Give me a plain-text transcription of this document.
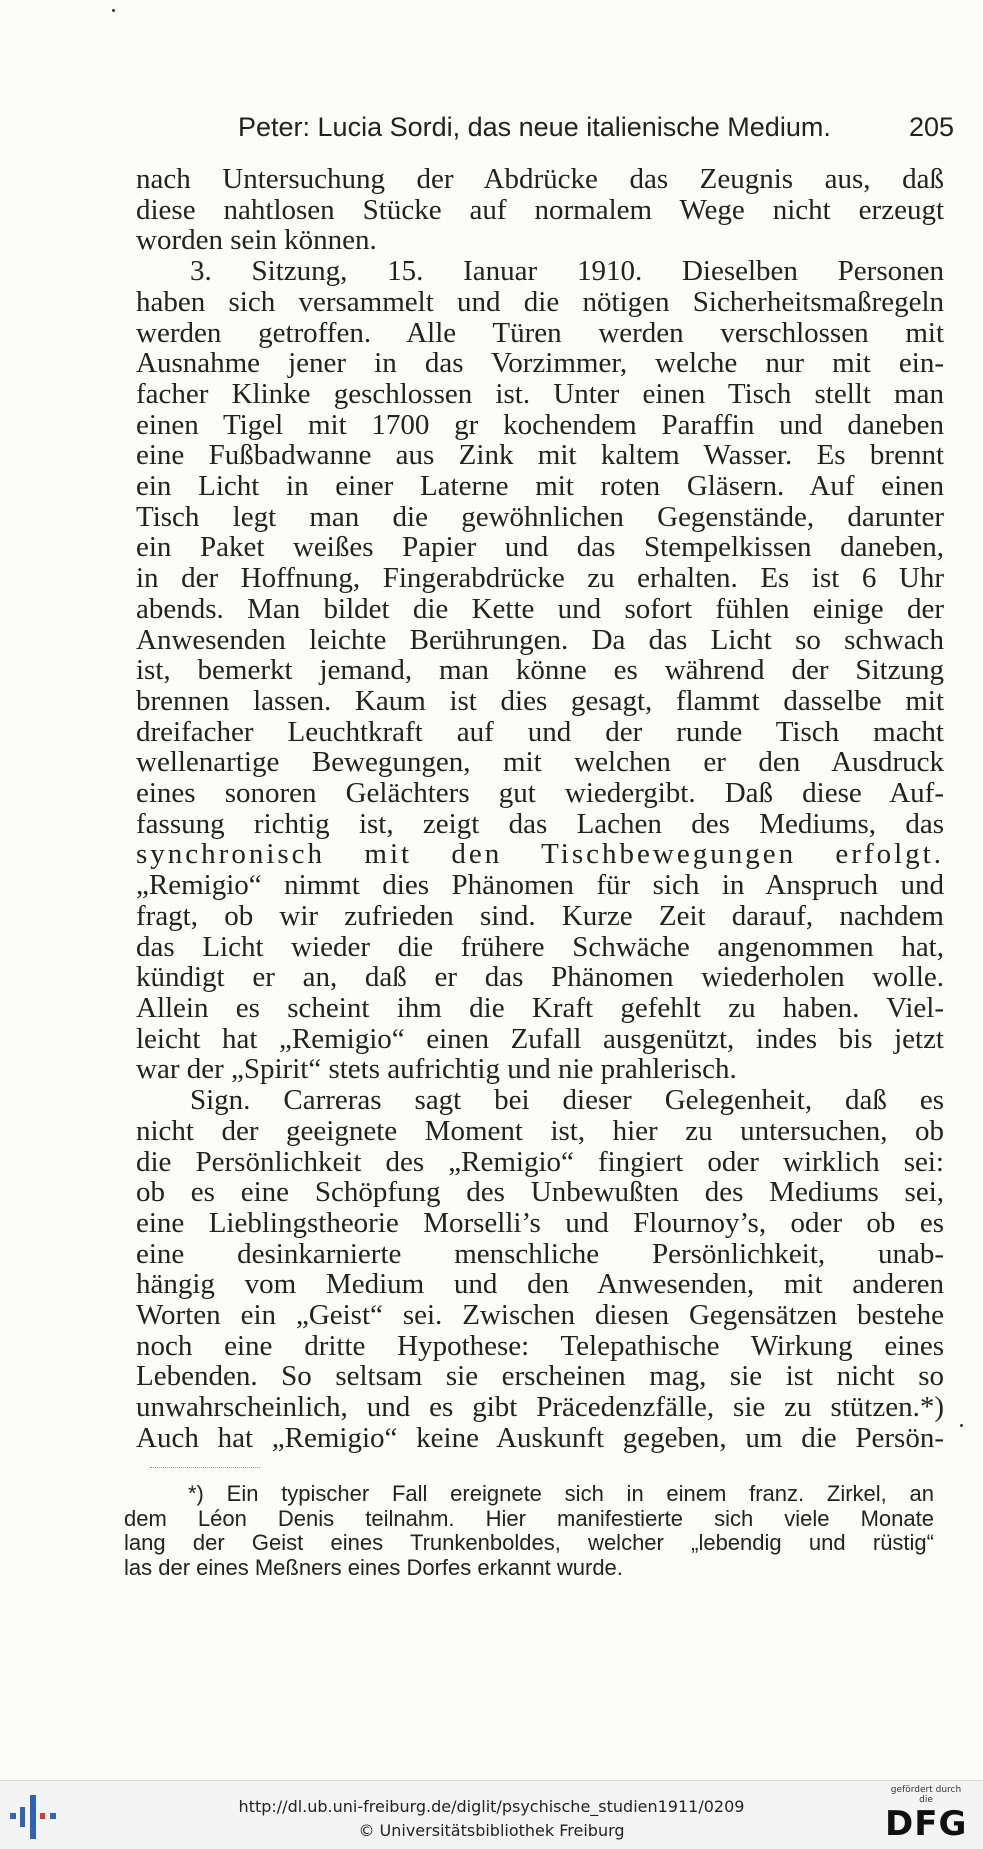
Peter: Lucia Sordi, das neue italienische Medium.	205
nach Untersuchung der Abdrücke das Zeugnis aus, daß
diese nahtlosen Stücke auf normalem Wege nicht erzeugt
worden sein können.
3. Sitzung, 15. Ianuar 1910. Dieselben Personen
haben sich versammelt und die nötigen Sicherheitsmaßregeln
werden getroffen. Alle Türen werden verschlossen mit
Ausnahme jener in das Vorzimmer, welche nur mit ein-
facher Klinke geschlossen ist. Unter einen Tisch stellt man
einen Tigel mit 1700 gr kochendem Paraffin und daneben
eine Fußbadwanne aus Zink mit kaltem Wasser. Es brennt
ein Licht in einer Laterne mit roten Gläsern. Auf einen
Tisch legt man die gewöhnlichen Gegenstände, darunter
ein Paket weißes Papier und das Stempelkissen daneben,
in der Hoffnung, Fingerabdrücke zu erhalten. Es ist 6 Uhr
abends. Man bildet die Kette und sofort fühlen einige der
Anwesenden leichte Berührungen. Da das Licht so schwach
ist, bemerkt jemand, man könne es während der Sitzung
brennen lassen. Kaum ist dies gesagt, flammt dasselbe mit
dreifacher Leuchtkraft auf und der runde Tisch macht
wellenartige Bewegungen, mit welchen er den Ausdruck
eines sonoren Gelächters gut wiedergibt. Daß diese Auf-
fassung richtig ist, zeigt das Lachen des Mediums, das
synchronisch mit den Tischbewegungen erfolgt.
„Remigio“ nimmt dies Phänomen für sich in Anspruch und
fragt, ob wir zufrieden sind. Kurze Zeit darauf, nachdem
das Licht wieder die frühere Schwäche angenommen hat,
kündigt er an, daß er das Phänomen wiederholen wolle.
Allein es scheint ihm die Kraft gefehlt zu haben. Viel-
leicht hat „Remigio“ einen Zufall ausgenützt, indes bis jetzt
war der „Spirit“ stets aufrichtig und nie prahlerisch.
Sign. Carreras sagt bei dieser Gelegenheit, daß es
nicht der geeignete Moment ist, hier zu untersuchen, ob
die Persönlichkeit des „Remigio“ fingiert oder wirklich sei:
ob es eine Schöpfung des Unbewußten des Mediums sei,
eine Lieblingstheorie Morselli’s und Flournoy’s, oder ob es
eine desinkarnierte menschliche Persönlichkeit, unab-
hängig vom Medium und den Anwesenden, mit anderen
Worten ein „Geist“ sei. Zwischen diesen Gegensätzen bestehe
noch eine dritte Hypothese: Telepathische Wirkung eines
Lebenden. So seltsam sie erscheinen mag, sie ist nicht so
unwahrscheinlich, und es gibt Präcedenzfälle, sie zu stützen.*)
Auch hat „Remigio“ keine Auskunft gegeben, um die Persön-
*) Ein typischer Fall ereignete sich in einem franz. Zirkel, an
dem Léon Denis teilnahm. Hier manifestierte sich viele Monate
lang der Geist eines Trunkenboldes, welcher „lebendig und rüstig“
las der eines Meßners eines Dorfes erkannt wurde.
http://dl.ub.uni-freiburg.de/diglit/psychische_studien1911/0209
© Universitätsbibliothek Freiburg
gefördert durch die
DFG
